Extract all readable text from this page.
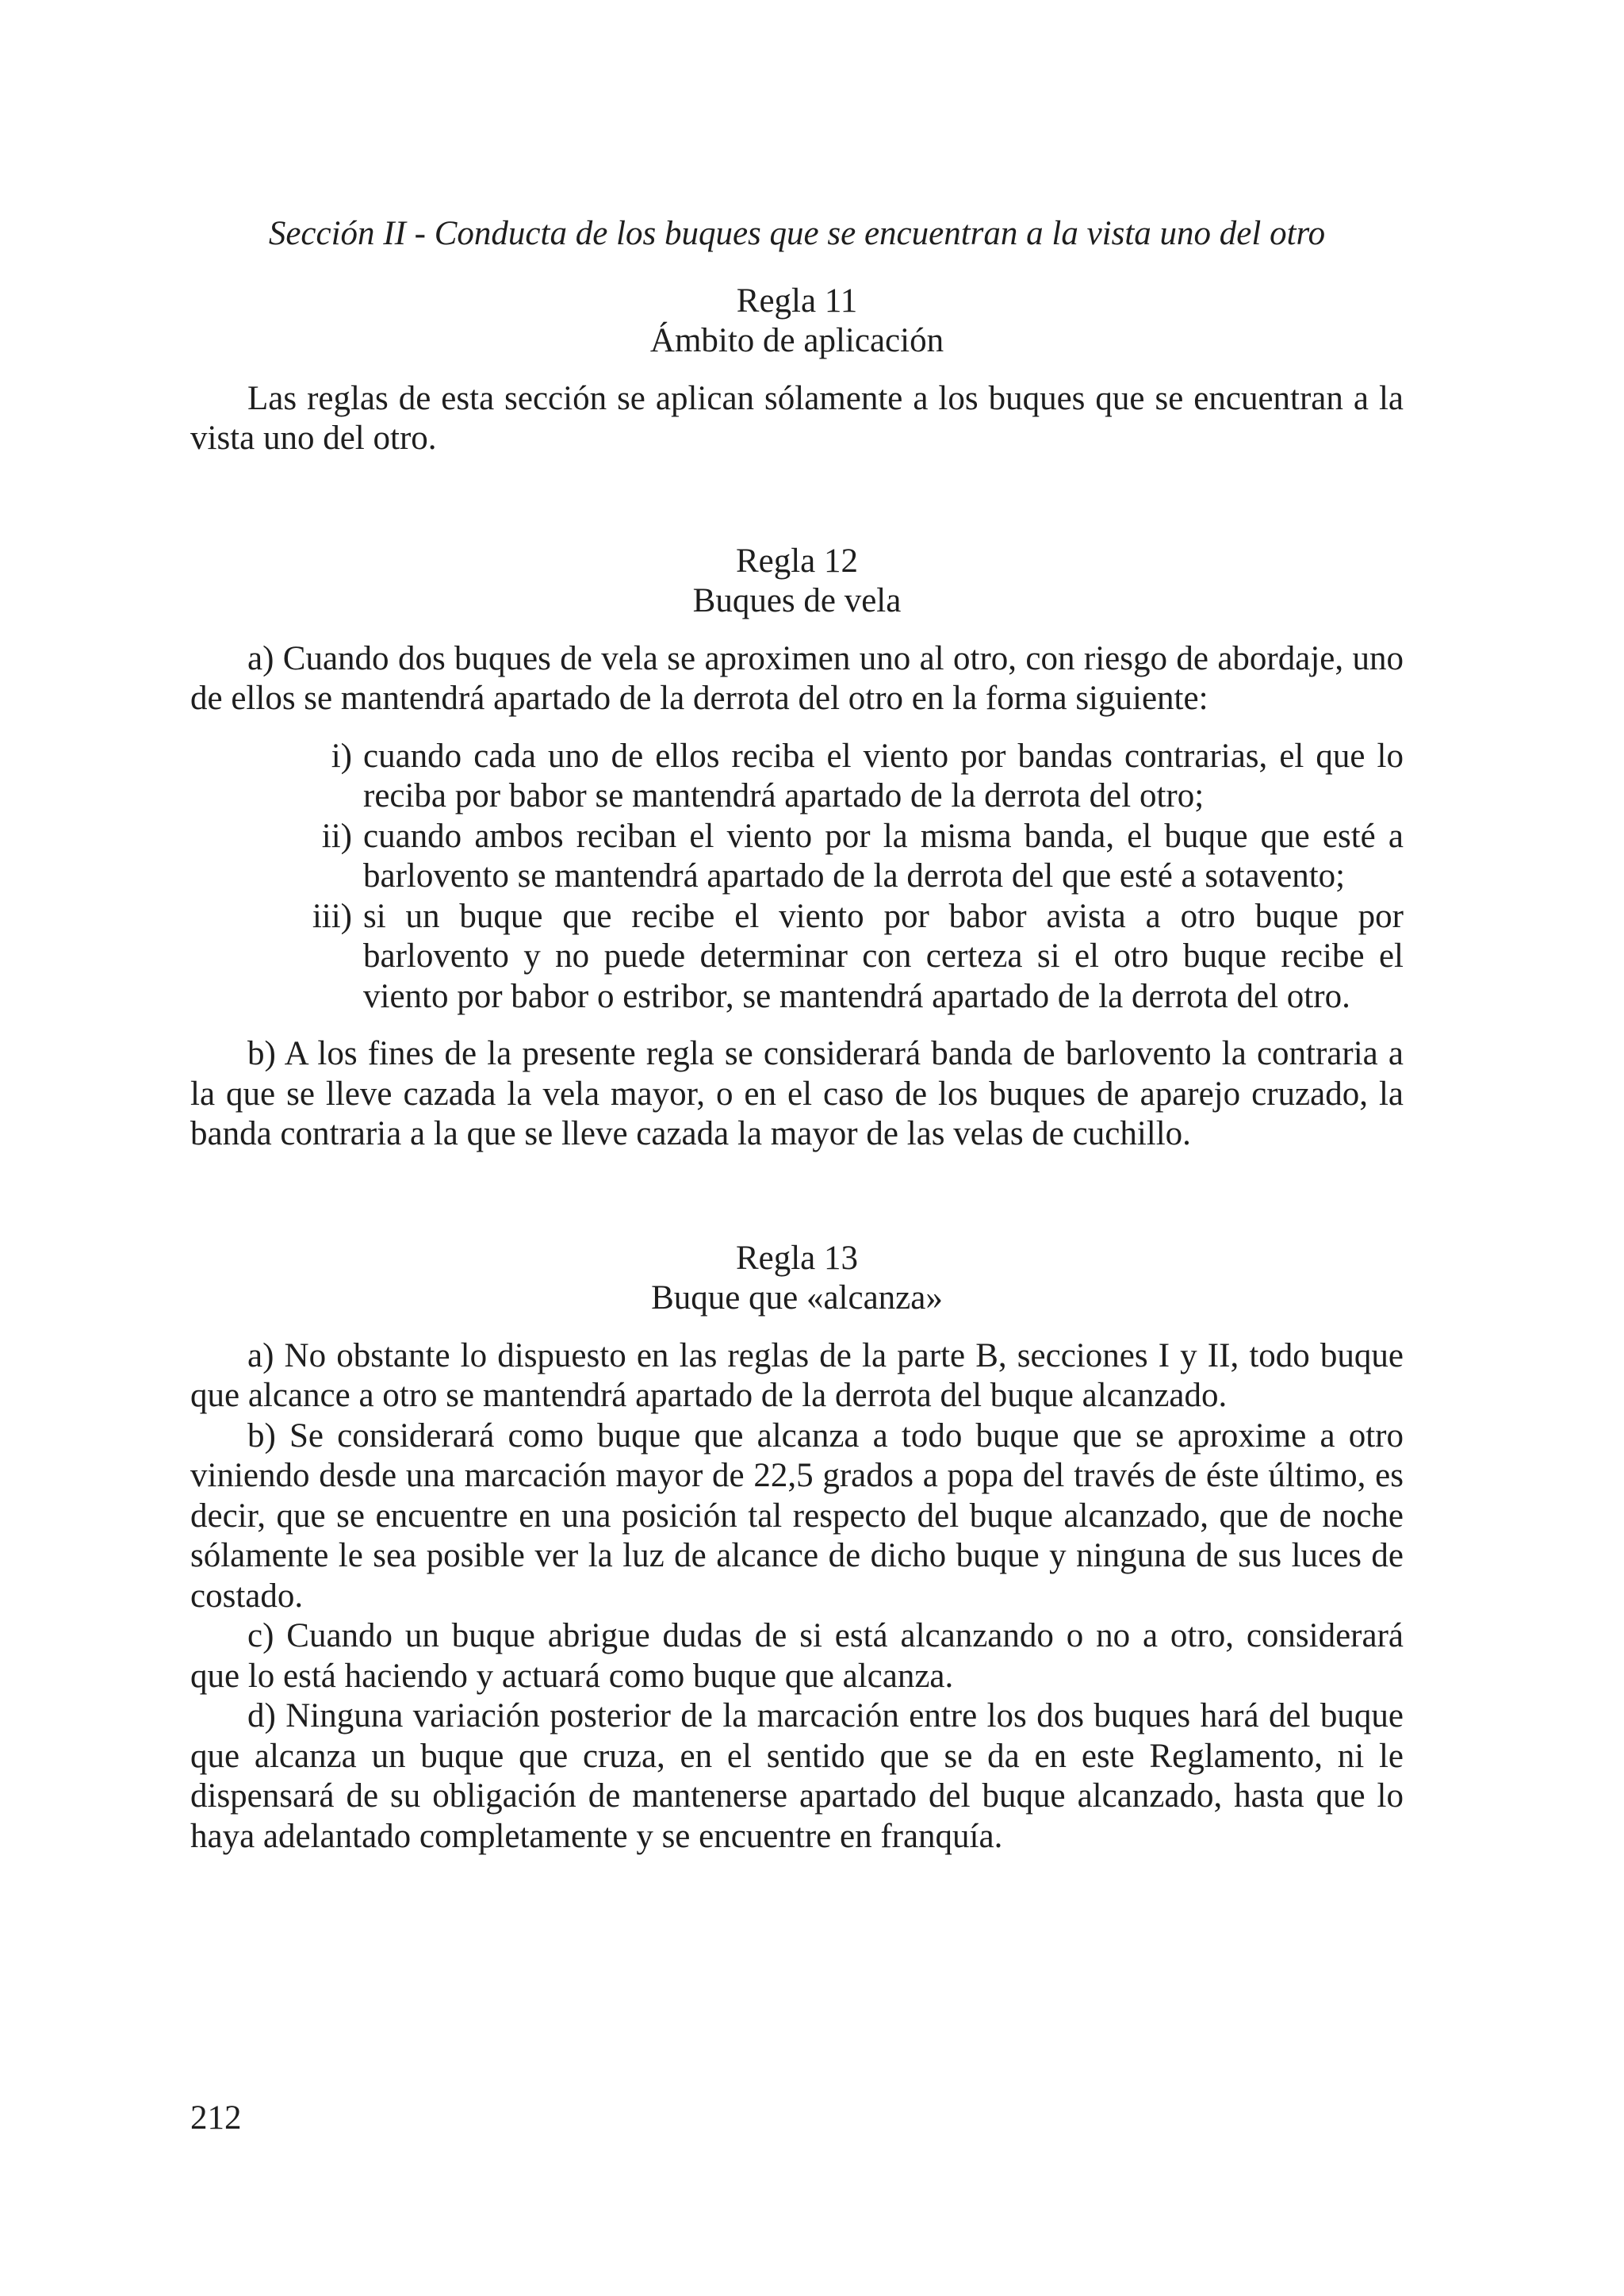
Sección II - Conducta de los buques que se encuentran a la vista uno del otro
Regla 11
Ámbito de aplicación

Las reglas de esta sección se aplican sólamente a los buques que se encuentran a la vista uno del otro.

Regla 12
Buques de vela

a) Cuando dos buques de vela se aproximen uno al otro, con riesgo de abordaje, uno de ellos se mantendrá apartado de la derrota del otro en la forma siguiente:

i) cuando cada uno de ellos reciba el viento por bandas contrarias, el que lo reciba por babor se mantendrá apartado de la derrota del otro;
ii) cuando ambos reciban el viento por la misma banda, el buque que esté a barlovento se mantendrá apartado de la derrota del que esté a sotavento;
iii) si un buque que recibe el viento por babor avista a otro buque por barlovento y no puede determinar con certeza si el otro buque recibe el viento por babor o estribor, se mantendrá apartado de la derrota del otro.

b) A los fines de la presente regla se considerará banda de barlovento la contraria a la que se lleve cazada la vela mayor, o en el caso de los buques de aparejo cruzado, la banda contraria a la que se lleve cazada la mayor de las velas de cuchillo.

Regla 13
Buque que «alcanza»

a) No obstante lo dispuesto en las reglas de la parte B, secciones I y II, todo buque que alcance a otro se mantendrá apartado de la derrota del buque alcanzado.

b) Se considerará como buque que alcanza a todo buque que se aproxime a otro viniendo desde una marcación mayor de 22,5 grados a popa del través de éste último, es decir, que se encuentre en una posición tal respecto del buque alcanzado, que de noche sólamente le sea posible ver la luz de alcance de dicho buque y ninguna de sus luces de costado.

c) Cuando un buque abrigue dudas de si está alcanzando o no a otro, considerará que lo está haciendo y actuará como buque que alcanza.

d) Ninguna variación posterior de la marcación entre los dos buques hará del buque que alcanza un buque que cruza, en el sentido que se da en este Reglamento, ni le dispensará de su obligación de mantenerse apartado del buque alcanzado, hasta que lo haya adelantado completamente y se encuentre en franquía.

212
